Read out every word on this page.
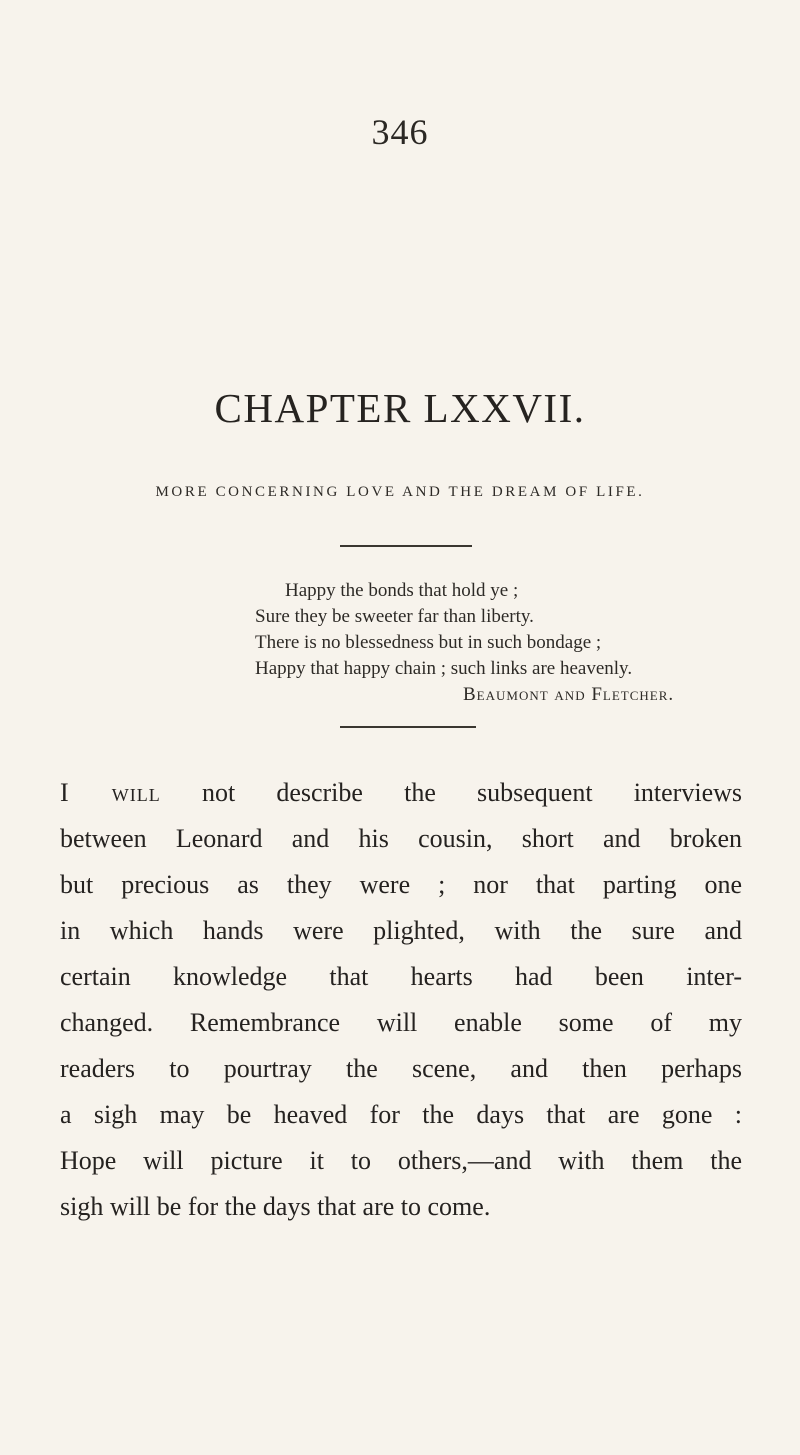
346
CHAPTER LXXVII.
MORE CONCERNING LOVE AND THE DREAM OF LIFE.
Happy the bonds that hold ye ;
Sure they be sweeter far than liberty.
There is no blessedness but in such bondage ;
Happy that happy chain ; such links are heavenly.
Beaumont and Fletcher.
I will not describe the subsequent interviews
between Leonard and his cousin, short and broken
but precious as they were ; nor that parting one
in which hands were plighted, with the sure and
certain knowledge that hearts had been inter-
changed. Remembrance will enable some of my
readers to pourtray the scene, and then perhaps
a sigh may be heaved for the days that are gone :
Hope will picture it to others,—and with them the
sigh will be for the days that are to come.
